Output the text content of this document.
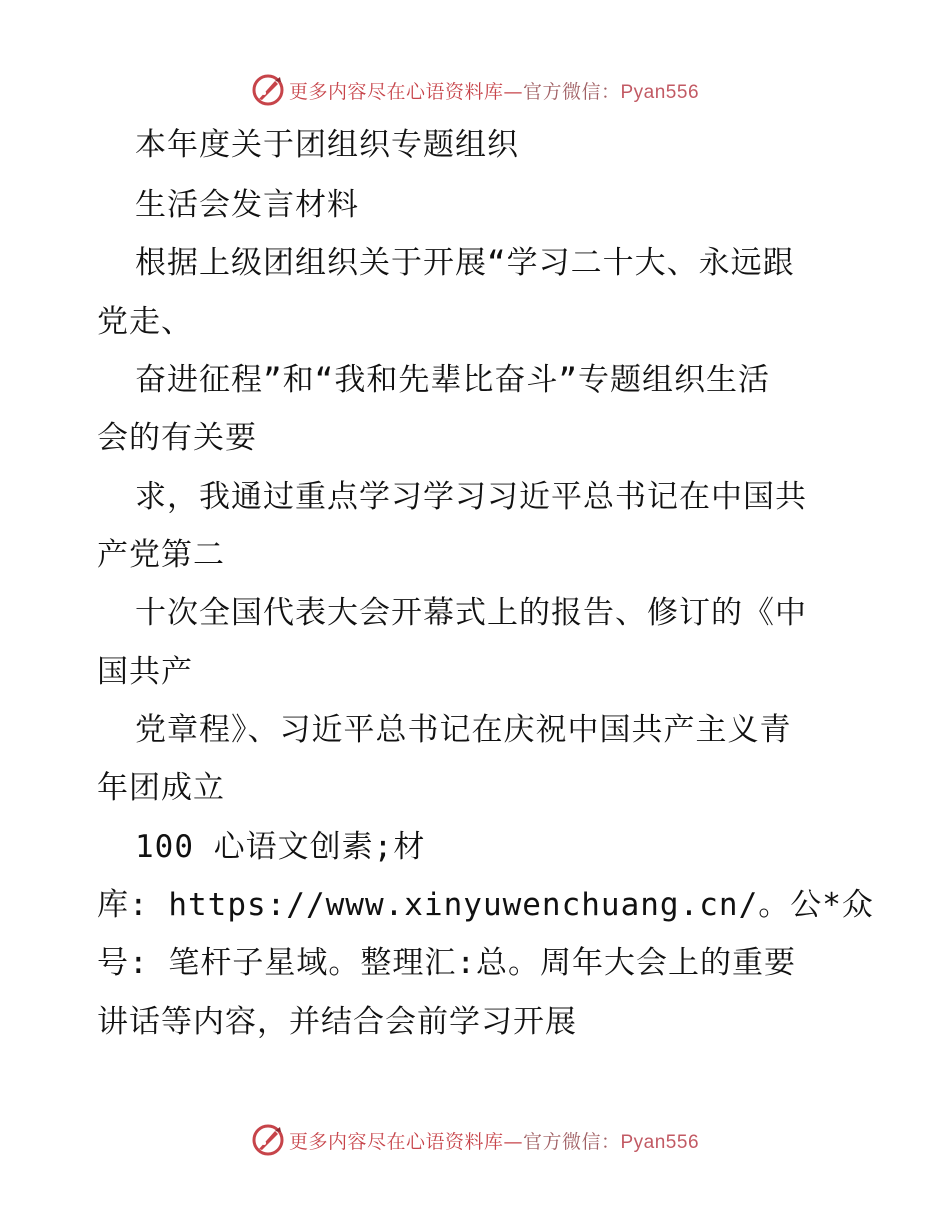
更多内容尽在心语资料库—官方微信：Pyan556
本年度关于团组织专题组织
生活会发言材料
根据上级团组织关于开展“学习二十大、永远跟
党走、
奋进征程”和“我和先辈比奋斗”专题组织生活
会的有关要
求，我通过重点学习学习习近平总书记在中国共
产党第二
十次全国代表大会开幕式上的报告、修订的《中
国共产
党章程》、习近平总书记在庆祝中国共产主义青
年团成立
100 心语文创素;材
库: https://www.xinyuwenchuang.cn/。公*众
号: 笔杆子星域。整理汇:总。周年大会上的重要
讲话等内容，并结合会前学习开展
更多内容尽在心语资料库—官方微信：Pyan556
